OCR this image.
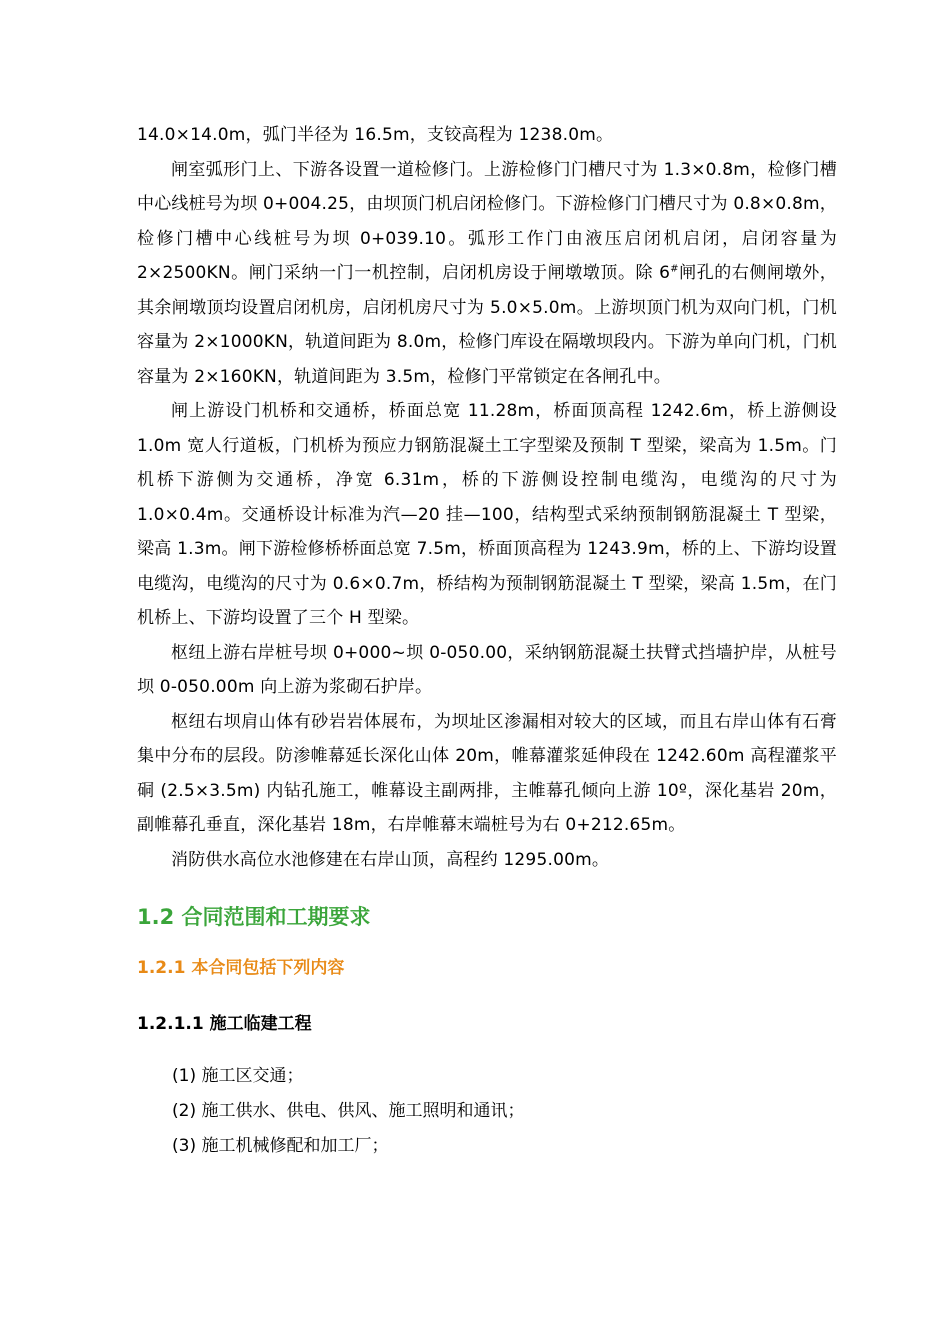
14.0×14.0m，弧门半径为 16.5m，支铰高程为 1238.0m。

闸室弧形门上、下游各设置一道检修门。上游检修门门槽尺寸为 1.3×0.8m，检修门槽中心线桩号为坝 0+004.25，由坝顶门机启闭检修门。下游检修门门槽尺寸为 0.8×0.8m，检修门槽中心线桩号为坝 0+039.10。弧形工作门由液压启闭机启闭，启闭容量为 2×2500KN。闸门采纳一门一机控制，启闭机房设于闸墩墩顶。除 6#闸孔的右侧闸墩外，其余闸墩顶均设置启闭机房，启闭机房尺寸为 5.0×5.0m。上游坝顶门机为双向门机，门机容量为 2×1000KN，轨道间距为 8.0m，检修门库设在隔墩坝段内。下游为单向门机，门机容量为 2×160KN，轨道间距为 3.5m，检修门平常锁定在各闸孔中。

闸上游设门机桥和交通桥，桥面总宽 11.28m，桥面顶高程 1242.6m，桥上游侧设 1.0m 宽人行道板，门机桥为预应力钢筋混凝土工字型梁及预制 T 型梁，梁高为 1.5m。门机桥下游侧为交通桥，净宽 6.31m，桥的下游侧设控制电缆沟，电缆沟的尺寸为 1.0×0.4m。交通桥设计标准为汽—20 挂—100，结构型式采纳预制钢筋混凝土 T 型梁，梁高 1.3m。闸下游检修桥桥面总宽 7.5m，桥面顶高程为 1243.9m，桥的上、下游均设置电缆沟，电缆沟的尺寸为 0.6×0.7m，桥结构为预制钢筋混凝土 T 型梁，梁高 1.5m，在门机桥上、下游均设置了三个 H 型梁。

枢纽上游右岸桩号坝 0+000~坝 0-050.00，采纳钢筋混凝土扶臂式挡墙护岸，从桩号坝 0-050.00m 向上游为浆砌石护岸。

枢纽右坝肩山体有砂岩岩体展布，为坝址区渗漏相对较大的区域，而且右岸山体有石膏集中分布的层段。防渗帷幕延长深化山体 20m，帷幕灌浆延伸段在 1242.60m 高程灌浆平硐 (2.5×3.5m) 内钻孔施工，帷幕设主副两排，主帷幕孔倾向上游 10º，深化基岩 20m，副帷幕孔垂直，深化基岩 18m，右岸帷幕末端桩号为右 0+212.65m。

消防供水高位水池修建在右岸山顶，高程约 1295.00m。

1.2 合同范围和工期要求
1.2.1 本合同包括下列内容
1.2.1.1 施工临建工程
(1) 施工区交通；
(2) 施工供水、供电、供风、施工照明和通讯；
(3) 施工机械修配和加工厂；
